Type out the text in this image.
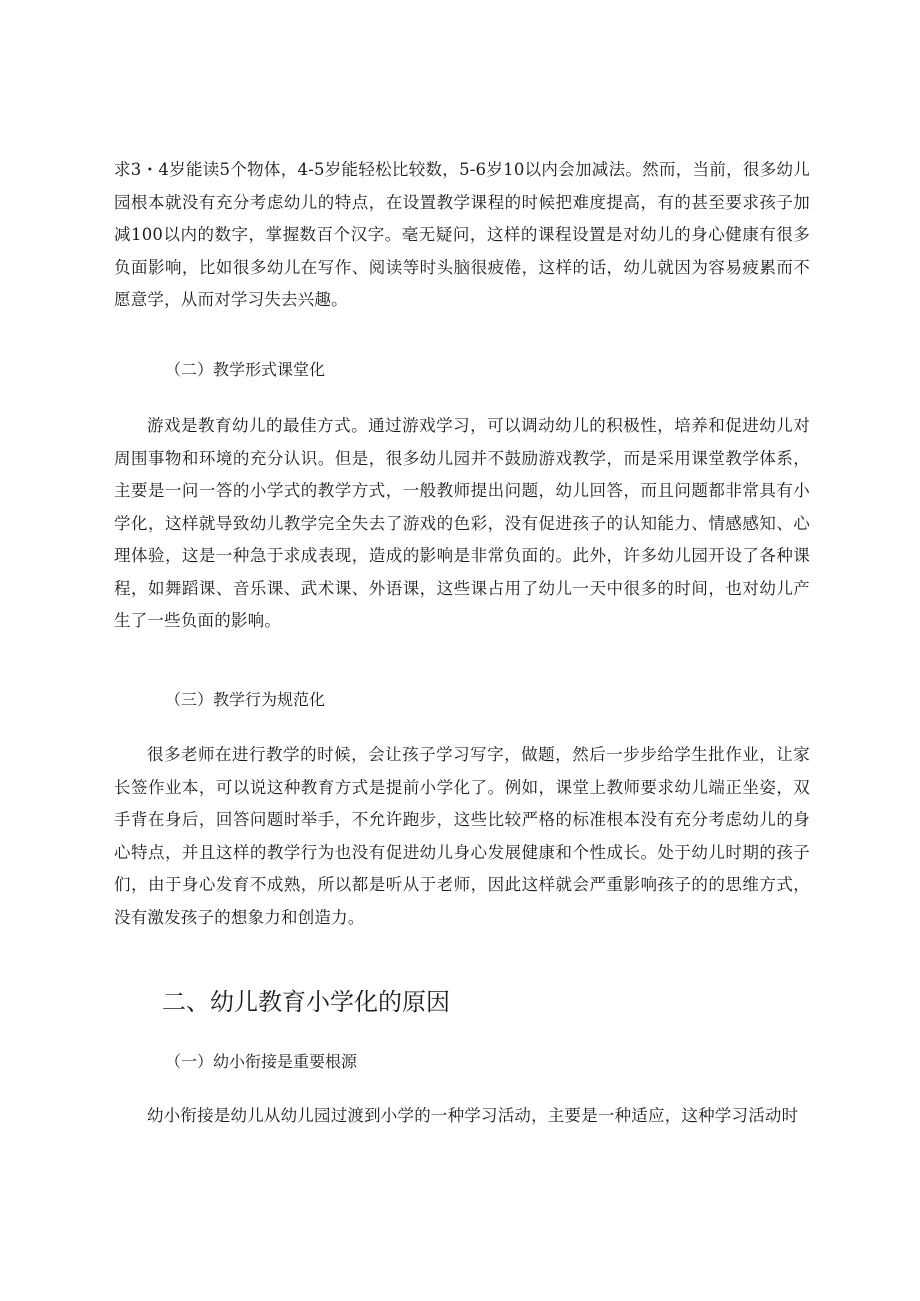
求3・4岁能读5个物体，4-5岁能轻松比较数，5-6岁10以内会加减法。然而，当前，很多幼儿园根本就没有充分考虑幼儿的特点，在设置教学课程的时候把难度提高，有的甚至要求孩子加减100以内的数字，掌握数百个汉字。毫无疑问，这样的课程设置是对幼儿的身心健康有很多负面影响，比如很多幼儿在写作、阅读等时头脑很疲倦，这样的话，幼儿就因为容易疲累而不愿意学，从而对学习失去兴趣。

（二）教学形式课堂化

游戏是教育幼儿的最佳方式。通过游戏学习，可以调动幼儿的积极性，培养和促进幼儿对周围事物和环境的充分认识。但是，很多幼儿园并不鼓励游戏教学，而是采用课堂教学体系，主要是一问一答的小学式的教学方式，一般教师提出问题，幼儿回答，而且问题都非常具有小学化，这样就导致幼儿教学完全失去了游戏的色彩，没有促进孩子的认知能力、情感感知、心理体验，这是一种急于求成表现，造成的影响是非常负面的。此外，许多幼儿园开设了各种课程，如舞蹈课、音乐课、武术课、外语课，这些课占用了幼儿一天中很多的时间，也对幼儿产生了一些负面的影响。

（三）教学行为规范化

很多老师在进行教学的时候，会让孩子学习写字，做题，然后一步步给学生批作业，让家长签作业本，可以说这种教育方式是提前小学化了。例如，课堂上教师要求幼儿端正坐姿，双手背在身后，回答问题时举手，不允许跑步，这些比较严格的标准根本没有充分考虑幼儿的身心特点，并且这样的教学行为也没有促进幼儿身心发展健康和个性成长。处于幼儿时期的孩子们，由于身心发育不成熟，所以都是听从于老师，因此这样就会严重影响孩子的的思维方式，没有激发孩子的想象力和创造力。

二、幼儿教育小学化的原因

（一）幼小衔接是重要根源

幼小衔接是幼儿从幼儿园过渡到小学的一种学习活动，主要是一种适应，这种学习活动时
